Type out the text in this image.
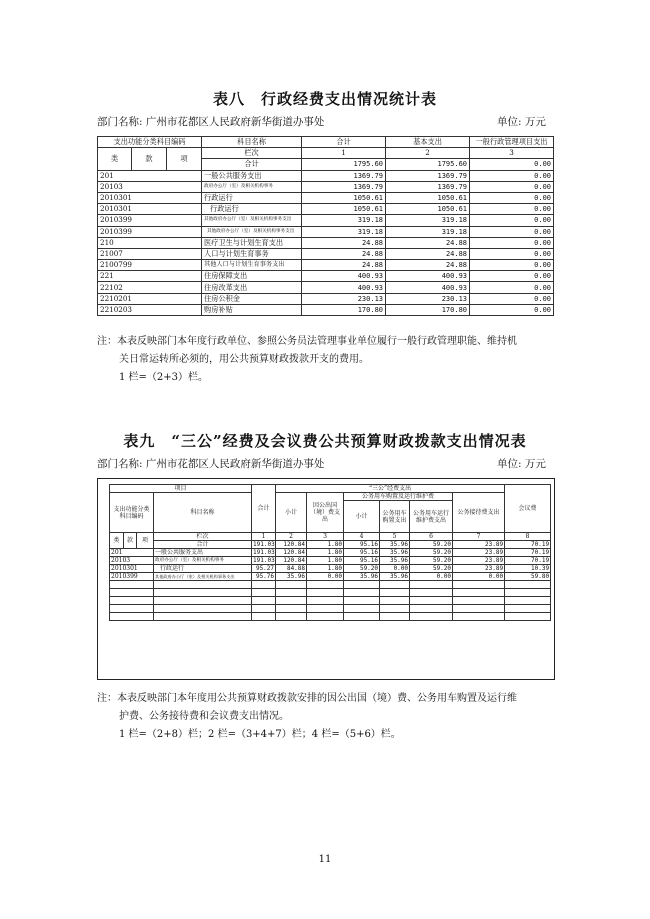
表八　行政经费支出情况统计表
部门名称: 广州市花都区人民政府新华街道办事处	单位: 万元
支出功能分类科目编码			科目名称	合计	基本支出	一般行政管理项目支出
类	款	项	栏次	1	2	3
			合计	1795.60	1795.60	0.00
201			一般公共服务支出	1369.79	1369.79	0.00
20103			政府办公厅（室）及相关机构事务	1369.79	1369.79	0.00
2010301			行政运行	1050.61	1050.61	0.00
2010301			行政运行	1050.61	1050.61	0.00
2010399			其他政府办公厅（室）及相关机构事务支出	319.18	319.18	0.00
2010399			其他政府办公厅（室）及相关机构事务支出	319.18	319.18	0.00
210			医疗卫生与计划生育支出	24.88	24.88	0.00
21007			人口与计划生育事务	24.88	24.88	0.00
2100799			其他人口与计划生育事务支出	24.88	24.88	0.00
221			住房保障支出	400.93	400.93	0.00
22102			住房改革支出	400.93	400.93	0.00
2210201			住房公积金	230.13	230.13	0.00
2210203			购房补贴	170.80	170.80	0.00
注：本表反映部门本年度行政单位、参照公务员法管理事业单位履行一般行政管理职能、维持机
关日常运转所必须的，用公共预算财政拨款开支的费用。
1 栏=（2+3）栏。
表九　“三公”经费及会议费公共预算财政拨款支出情况表
部门名称: 广州市花都区人民政府新华街道办事处	单位: 万元
项目				合计	“三公”经费支出						会议费
支出功能分类科目编码			科目名称		小计	因公出国（境）费支出	公务用车购置及运行维护费			公务接待费支出	
							小计	公务用车购置支出	公务用车运行维护费支出		

类	款	项	栏次	1	2	3	4	5	6	7	8
			合计	191.03	120.84	1.80	95.16	35.96	59.20	23.89	70.19
201			一般公共服务支出	191.03	120.84	1.80	95.16	35.96	59.20	23.89	70.19
20103			政府办公厅（室）及相关机构事务	191.03	120.84	1.80	95.16	35.96	59.20	23.89	70.19
2010301			行政运行	95.27	84.88	1.80	59.20	0.00	59.20	23.89	10.39
2010399			其他政府办公厅（室）及相关机构事务支出	95.76	35.96	0.00	35.96	35.96	0.00	0.00	59.80

注：本表反映部门本年度用公共预算财政拨款安排的因公出国（境）费、公务用车购置及运行维
护费、公务接待费和会议费支出情况。
1 栏=（2+8）栏；2 栏=（3+4+7）栏；4 栏=（5+6）栏。
11
